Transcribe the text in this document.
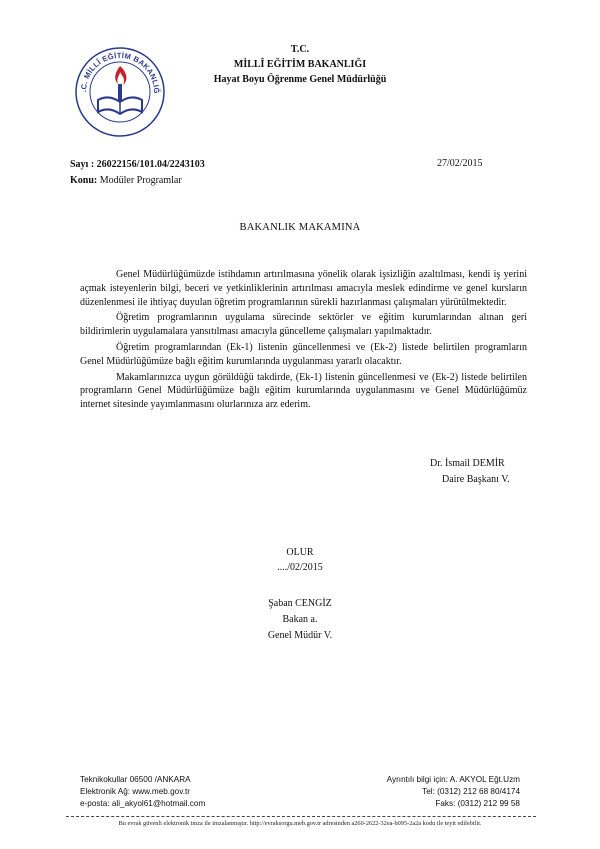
.C. MİLLÎ EĞİTİM BAKANLIĞ
T.C.
MİLLÎ EĞİTİM BAKANLIĞI
Hayat Boyu Öğrenme Genel Müdürlüğü
Sayı : 26022156/101.04/2243103	27/02/2015
Konu: Modüler Programlar
BAKANLIK MAKAMINA

Genel Müdürlüğümüzde istihdamın artırılmasına yönelik olarak işsizliğin azaltılması, kendi iş yerini açmak isteyenlerin bilgi, beceri ve yetkinliklerinin artırılması amacıyla meslek edindirme ve genel kursların düzenlenmesi ile ihtiyaç duyulan öğretim programlarının sürekli hazırlanması çalışmaları yürütülmektedir.

Öğretim programlarının uygulama sürecinde sektörler ve eğitim kurumlarından alınan geri bildirimlerin uygulamalara yansıtılması amacıyla güncelleme çalışmaları yapılmaktadır.

Öğretim programlarından (Ek-1) listenin güncellenmesi ve (Ek-2) listede belirtilen programların Genel Müdürlüğümüze bağlı eğitim kurumlarında uygulanması yararlı olacaktır.

Makamlarınızca uygun görüldüğü takdirde, (Ek-1) listenin güncellenmesi ve (Ek-2) listede belirtilen programların Genel Müdürlüğümüze bağlı eğitim kurumlarında uygulanmasını ve Genel Müdürlüğümüz internet sitesinde yayımlanmasını olurlarınıza arz ederim.

Dr. İsmail DEMİR
Daire Başkanı V.
OLUR
..../02/2015
Şaban CENGİZ
Bakan a.
Genel Müdür V.
Teknikokullar 06500 /ANKARA
Elektronik Ağ: www.meb.gov.tr
e-posta: ali_akyol61@hotmail.com
Ayrıntılı bilgi için: A. AKYOL Eğt.Uzm
Tel: (0312) 212 68 80/4174
Faks: (0312) 212 99 58
Bu evrak güvenli elektronik imza ile imzalanmıştır. http://evraksorgu.meb.gov.tr adresinden a260-2622-32ea-b095-2a2a kodu ile teyit edilebilir.
